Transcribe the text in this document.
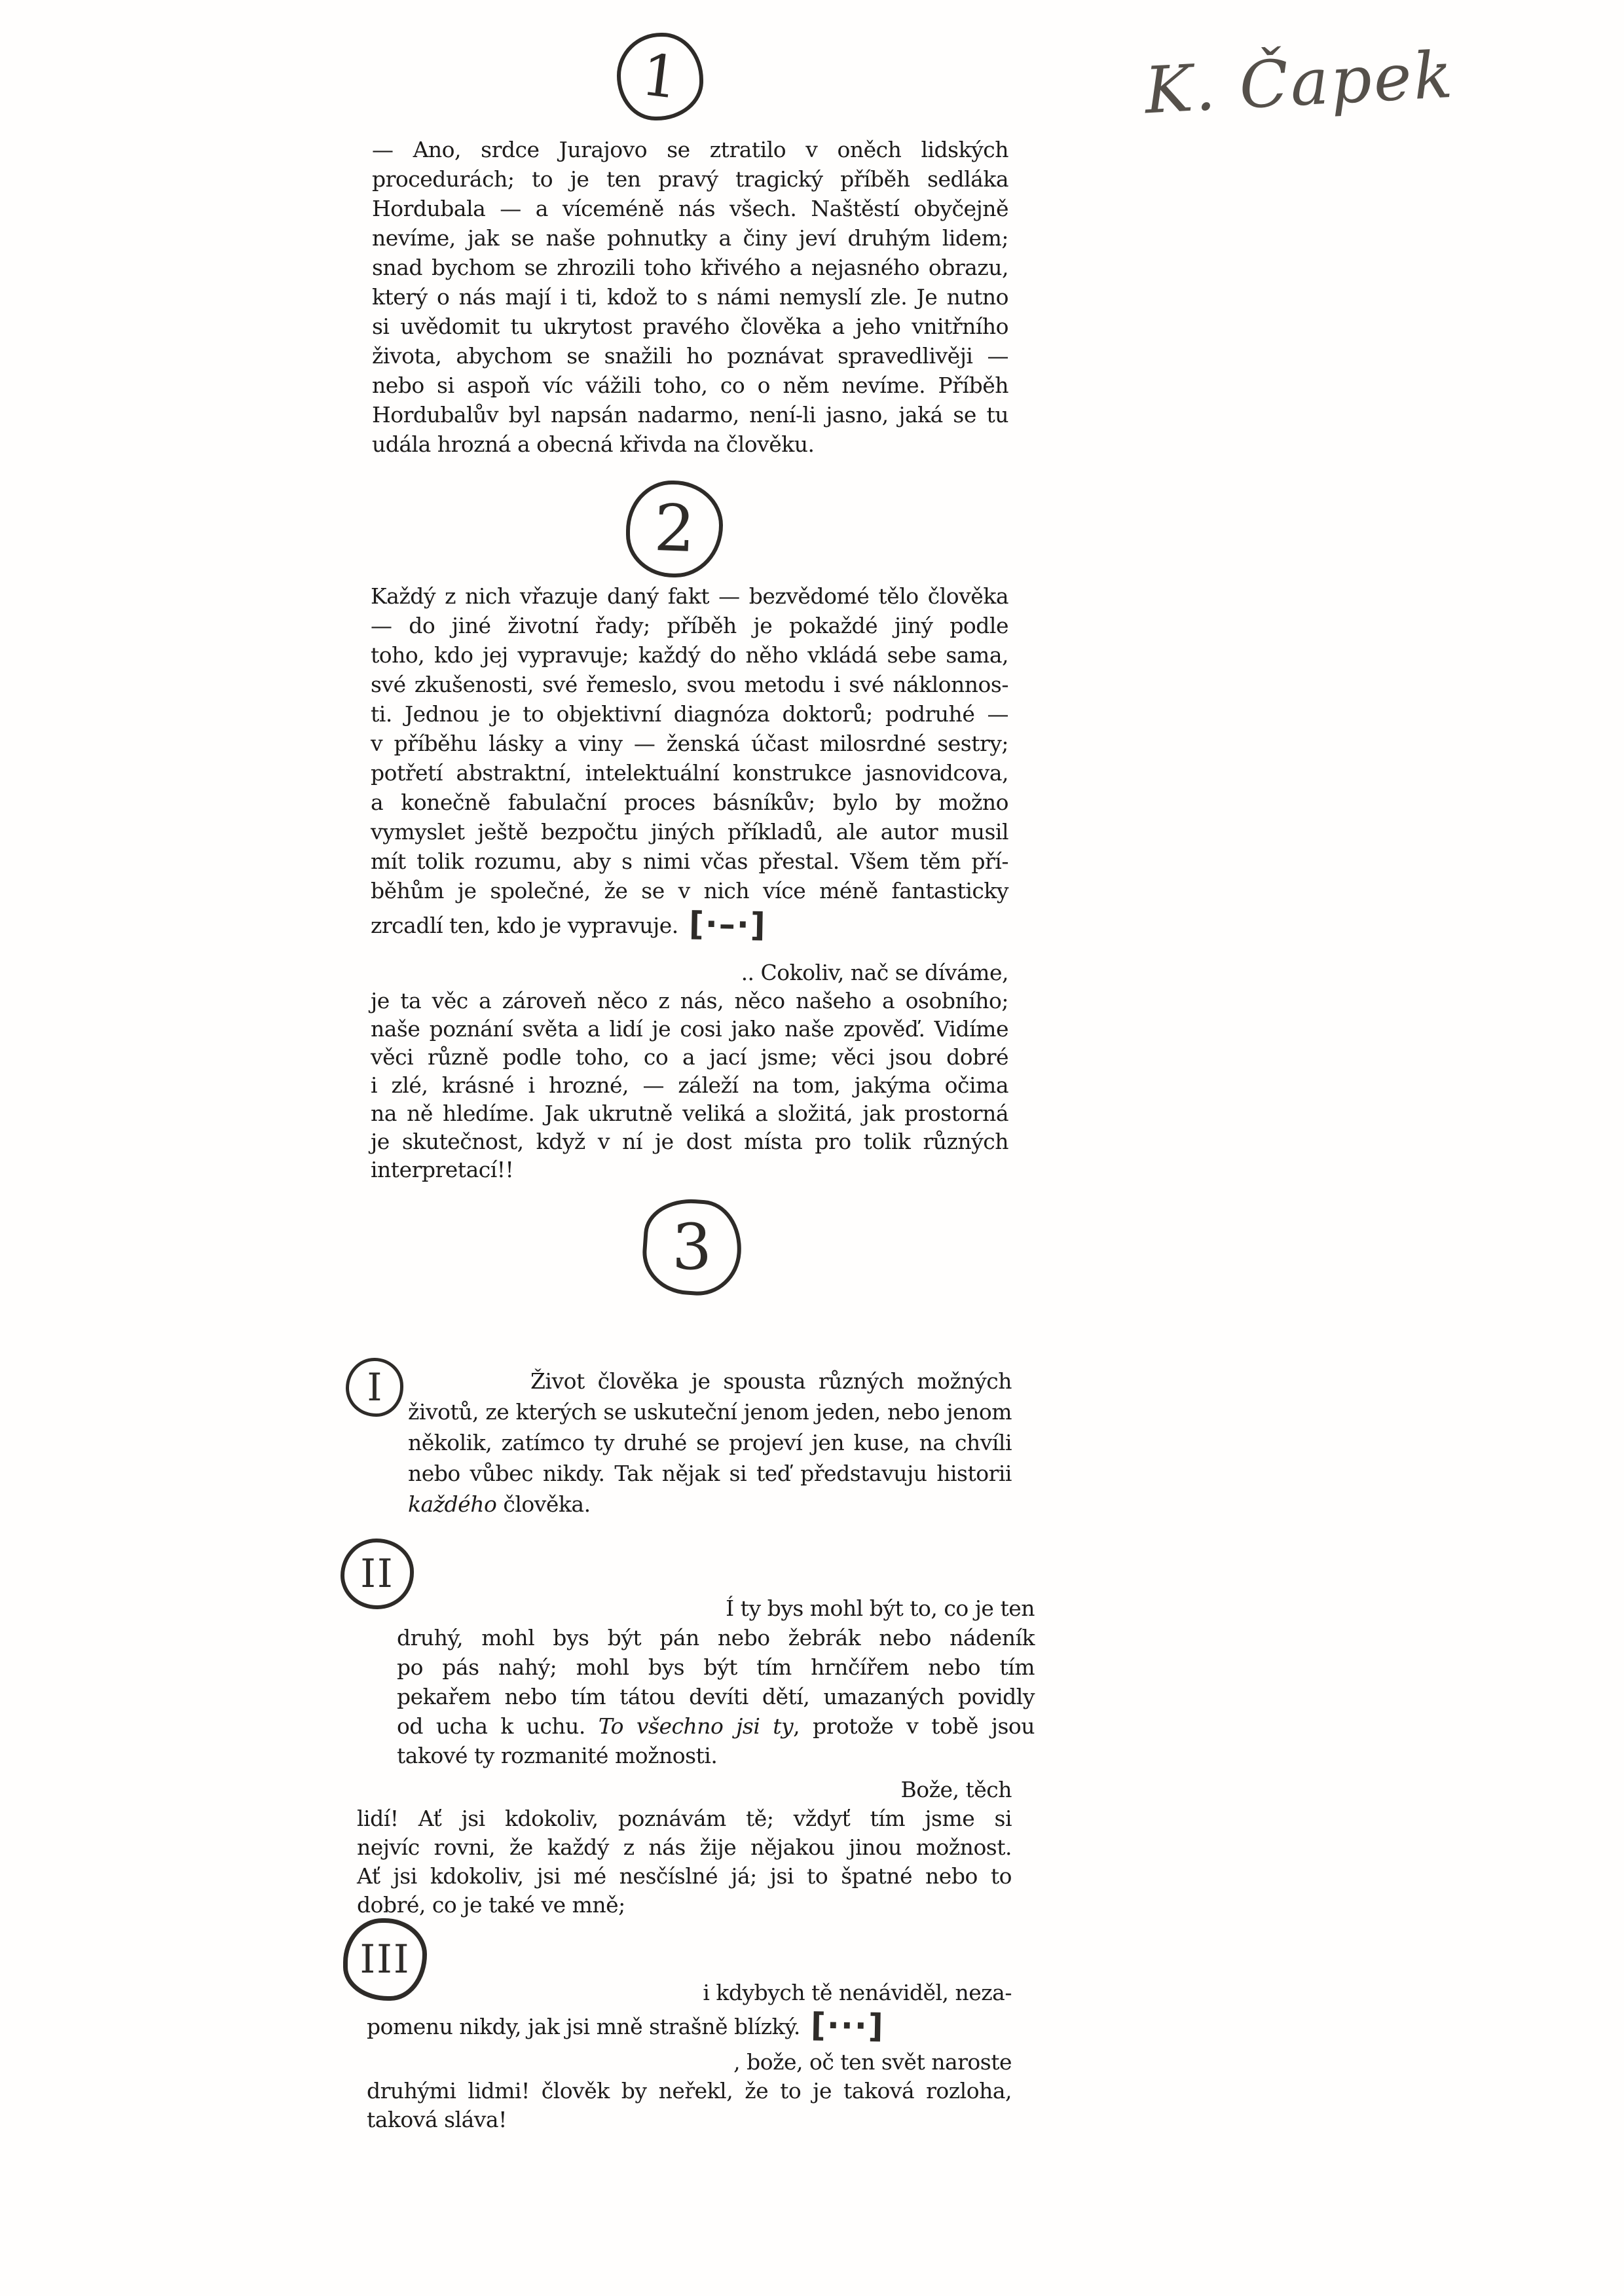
1
2
3
I
II
III
K. Čapek
— Ano, srdce Jurajovo se ztratilo v oněch lidských
procedurách; to je ten pravý tragický příběh sedláka
Hordubala — a víceméně nás všech. Naštěstí obyčejně
nevíme, jak se naše pohnutky a činy jeví druhým lidem;
snad bychom se zhrozili toho křivého a nejasného obrazu,
který o nás mají i ti, kdož to s námi nemyslí zle. Je nutno
si uvědomit tu ukrytost pravého člověka a jeho vnitřního
života, abychom se snažili ho poznávat spravedlivěji —
nebo si aspoň víc vážili toho, co o něm nevíme. Příběh
Hordubalův byl napsán nadarmo, není-li jasno, jaká se tu
udála hrozná a obecná křivda na člověku.
Každý z nich vřazuje daný fakt — bezvědomé tělo člověka
— do jiné životní řady; příběh je pokaždé jiný podle
toho, kdo jej vypravuje; každý do něho vkládá sebe sama,
své zkušenosti, své řemeslo, svou metodu i své náklonnos-
ti. Jednou je to objektivní diagnóza doktorů; podruhé —
v příběhu lásky a viny — ženská účast milosrdné sestry;
potřetí abstraktní, intelektuální konstrukce jasnovidcova,
a konečně fabulační proces básníkův; bylo by možno
vymyslet ještě bezpočtu jiných příkladů, ale autor musil
mít tolik rozumu, aby s nimi včas přestal. Všem těm pří-
běhům je společné, že se v nich více méně fantasticky
zrcadlí ten, kdo je vypravuje. [·–·]
.. Cokoliv, nač se díváme,
je ta věc a zároveň něco z nás, něco našeho a osobního;
naše poznání světa a lidí je cosi jako naše zpověď. Vidíme
věci různě podle toho, co a jací jsme; věci jsou dobré
i zlé, krásné i hrozné, — záleží na tom, jakýma očima
na ně hledíme. Jak ukrutně veliká a složitá, jak prostorná
je skutečnost, když v ní je dost místa pro tolik různých
interpretací!!
Život člověka je spousta různých možných
životů, ze kterých se uskuteční jenom jeden, nebo jenom
několik, zatímco ty druhé se projeví jen kuse, na chvíli
nebo vůbec nikdy. Tak nějak si teď představuju historii
každého člověka.
Í ty bys mohl být to, co je ten
druhý, mohl bys být pán nebo žebrák nebo nádeník
po pás nahý; mohl bys být tím hrnčířem nebo tím
pekařem nebo tím tátou devíti dětí, umazaných povidly
od ucha k uchu. To všechno jsi ty, protože v tobě jsou
takové ty rozmanité možnosti.
Bože, těch
lidí! Ať jsi kdokoliv, poznávám tě; vždyť tím jsme si
nejvíc rovni, že každý z nás žije nějakou jinou možnost.
Ať jsi kdokoliv, jsi mé nesčíslné já; jsi to špatné nebo to
dobré, co je také ve mně;
i kdybych tě nenáviděl, neza-
pomenu nikdy, jak jsi mně strašně blízký. [···]
, bože, oč ten svět naroste
druhými lidmi! člověk by neřekl, že to je taková rozloha,
taková sláva!
